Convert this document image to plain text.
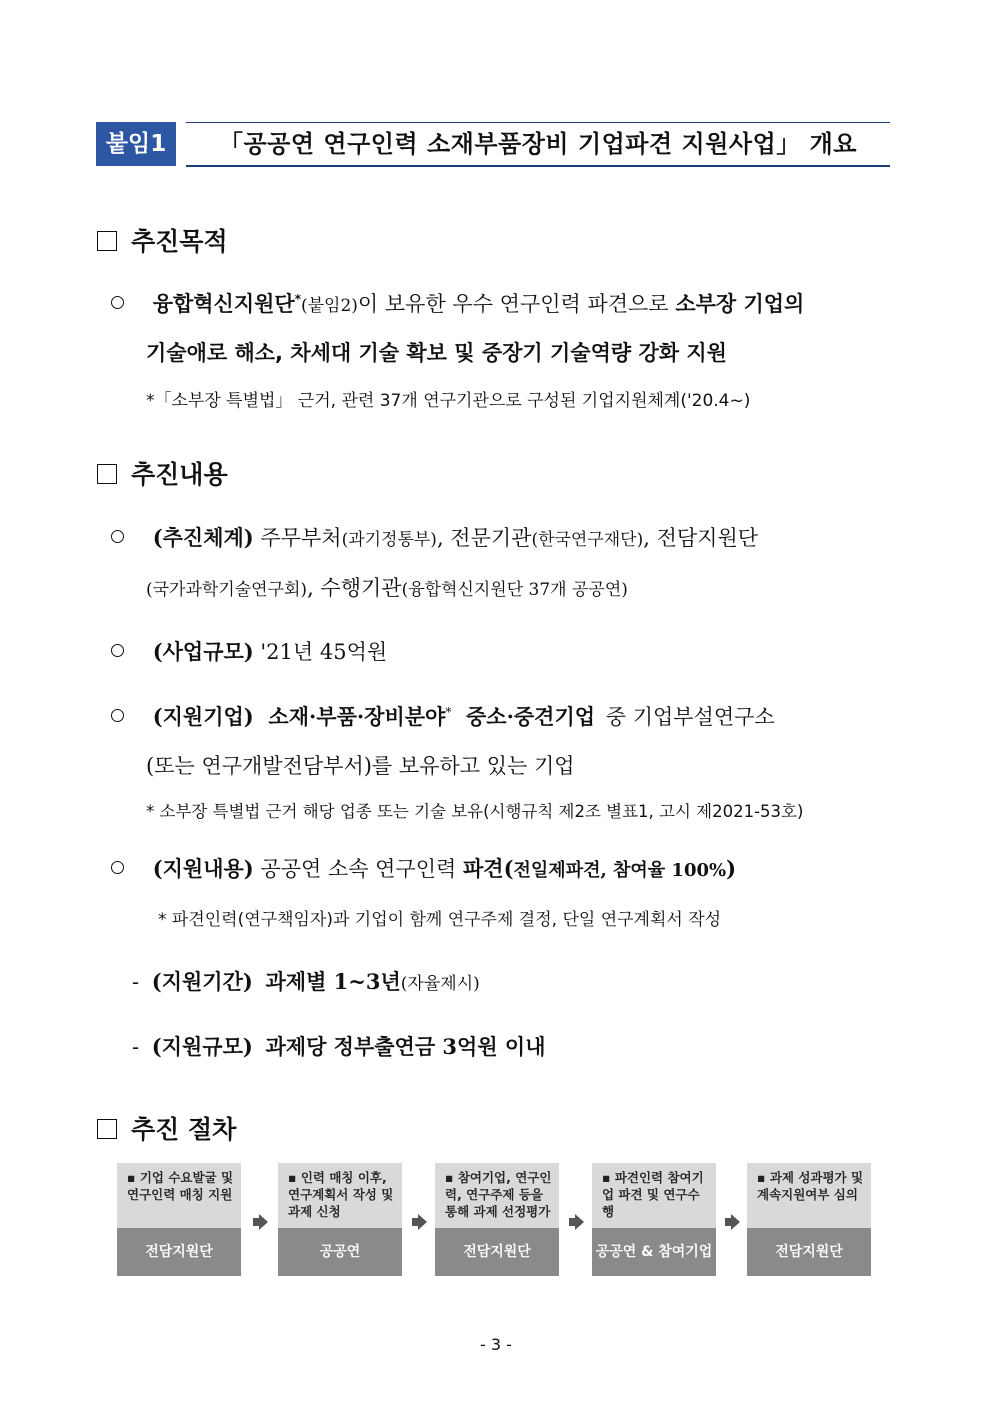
붙임1	「공공연 연구인력 소재부품장비 기업파견 지원사업」 개요
추진목적
융합혁신지원단*(붙임2)이 보유한 우수 연구인력 파견으로 소부장 기업의
기술애로 해소, 차세대 기술 확보 및 중장기 기술역량 강화 지원
*「소부장 특별법」 근거, 관련 37개 연구기관으로 구성된 기업지원체계('20.4~)
추진내용
(추진체계) 주무부처(과기정통부), 전문기관(한국연구재단), 전담지원단
(국가과학기술연구회), 수행기관(융합혁신지원단 37개 공공연)
(사업규모) '21년 45억원
(지원기업) 소재·부품·장비분야* 중소·중견기업 중 기업부설연구소
(또는 연구개발전담부서)를 보유하고 있는 기업
* 소부장 특별법 근거 해당 업종 또는 기술 보유(시행규칙 제2조 별표1, 고시 제2021-53호)
(지원내용) 공공연 소속 연구인력 파견(전일제파견, 참여율 100%)
* 파견인력(연구책임자)과 기업이 함께 연구주제 결정, 단일 연구계획서 작성
- (지원기간) 과제별 1~3년(자율제시)
- (지원규모) 과제당 정부출연금 3억원 이내
추진 절차
▪ 기업 수요발굴 및 연구인력 매칭 지원
전담지원단
▪ 인력 매칭 이후, 연구계획서 작성 및 과제 신청
공공연
▪ 참여기업, 연구인력, 연구주제 등을 통해 과제 선정평가
전담지원단
▪ 파견인력 참여기업 파견 및 연구수행
공공연 & 참여기업
▪ 과제 성과평가 및 계속지원여부 심의
전담지원단
- 3 -
